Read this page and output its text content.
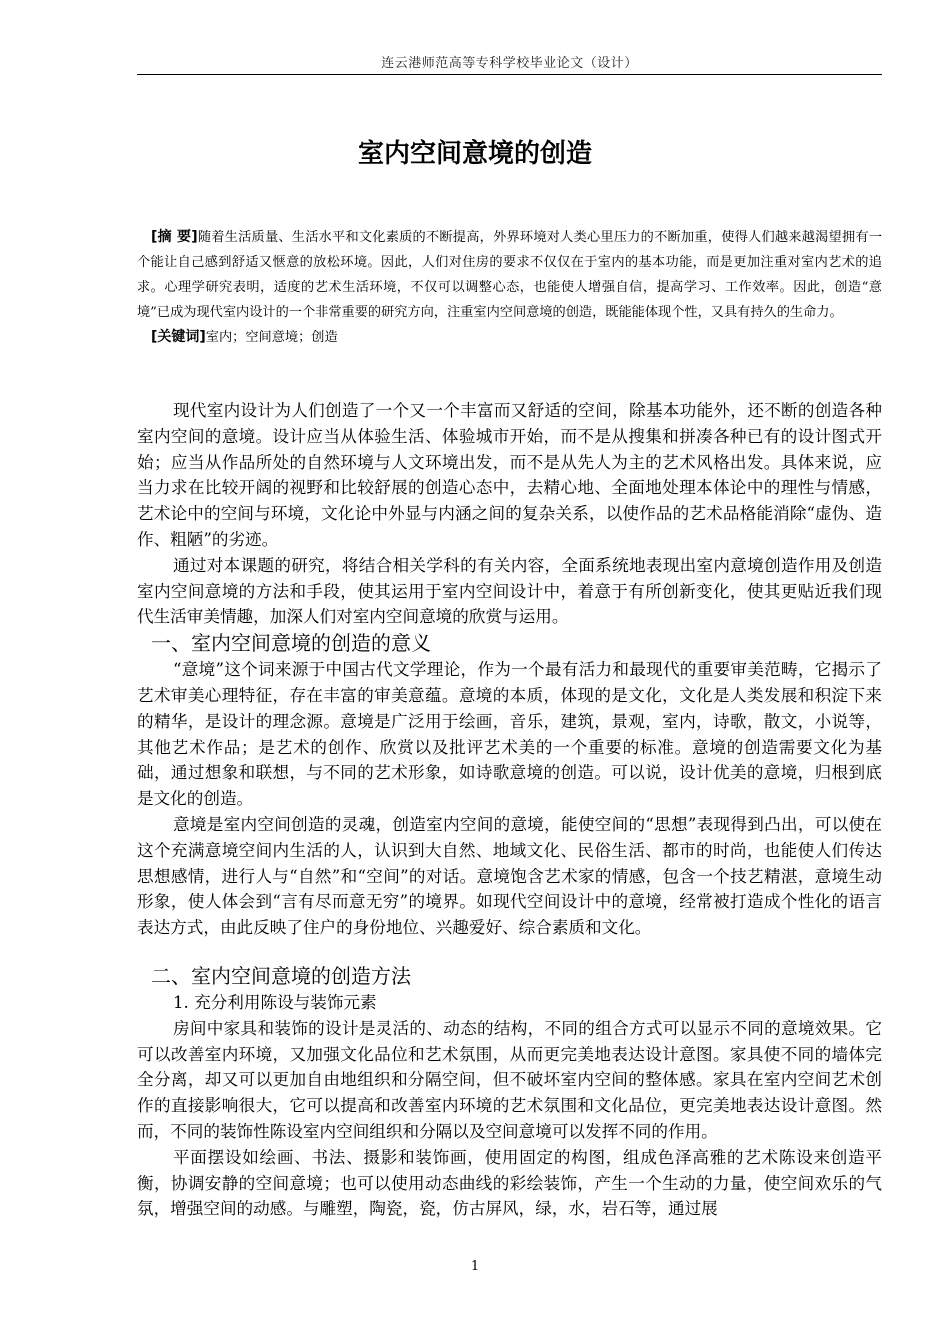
连云港师范高等专科学校毕业论文（设计）
室内空间意境的创造

[摘 要]随着生活质量、生活水平和文化素质的不断提高，外界环境对人类心里压力的不断加重，使得人们越来越渴望拥有一个能让自己感到舒适又惬意的放松环境。因此，人们对住房的要求不仅仅在于室内的基本功能，而是更加注重对室内艺术的追求。心理学研究表明，适度的艺术生活环境，不仅可以调整心态，也能使人增强自信，提高学习、工作效率。因此，创造“意境”已成为现代室内设计的一个非常重要的研究方向，注重室内空间意境的创造，既能能体现个性，又具有持久的生命力。

[关键词]室内；空间意境；创造

现代室内设计为人们创造了一个又一个丰富而又舒适的空间，除基本功能外，还不断的创造各种室内空间的意境。设计应当从体验生活、体验城市开始，而不是从搜集和拼凑各种已有的设计图式开始；应当从作品所处的自然环境与人文环境出发，而不是从先人为主的艺术风格出发。具体来说，应当力求在比较开阔的视野和比较舒展的创造心态中，去精心地、全面地处理本体论中的理性与情感，艺术论中的空间与环境，文化论中外显与内涵之间的复杂关系，以使作品的艺术品格能消除“虚伪、造作、粗陋”的劣迹。

通过对本课题的研究，将结合相关学科的有关内容，全面系统地表现出室内意境创造作用及创造室内空间意境的方法和手段，使其运用于室内空间设计中，着意于有所创新变化，使其更贴近我们现代生活审美情趣，加深人们对室内空间意境的欣赏与运用。

一、室内空间意境的创造的意义

“意境”这个词来源于中国古代文学理论，作为一个最有活力和最现代的重要审美范畴，它揭示了艺术审美心理特征，存在丰富的审美意蕴。意境的本质，体现的是文化，文化是人类发展和积淀下来的精华，是设计的理念源。意境是广泛用于绘画，音乐，建筑，景观，室内，诗歌，散文，小说等，其他艺术作品；是艺术的创作、欣赏以及批评艺术美的一个重要的标准。意境的创造需要文化为基础，通过想象和联想，与不同的艺术形象，如诗歌意境的创造。可以说，设计优美的意境，归根到底是文化的创造。

意境是室内空间创造的灵魂，创造室内空间的意境，能使空间的“思想”表现得到凸出，可以使在这个充满意境空间内生活的人，认识到大自然、地域文化、民俗生活、都市的时尚，也能使人们传达思想感情，进行人与“自然”和“空间”的对话。意境饱含艺术家的情感，包含一个技艺精湛，意境生动形象，使人体会到“言有尽而意无穷”的境界。如现代空间设计中的意境，经常被打造成个性化的语言表达方式，由此反映了住户的身份地位、兴趣爱好、综合素质和文化。

二、室内空间意境的创造方法
1. 充分利用陈设与装饰元素

房间中家具和装饰的设计是灵活的、动态的结构，不同的组合方式可以显示不同的意境效果。它可以改善室内环境，又加强文化品位和艺术氛围，从而更完美地表达设计意图。家具使不同的墙体完全分离，却又可以更加自由地组织和分隔空间，但不破坏室内空间的整体感。家具在室内空间艺术创作的直接影响很大，它可以提高和改善室内环境的艺术氛围和文化品位，更完美地表达设计意图。然而，不同的装饰性陈设室内空间组织和分隔以及空间意境可以发挥不同的作用。

平面摆设如绘画、书法、摄影和装饰画，使用固定的构图，组成色泽高雅的艺术陈设来创造平衡，协调安静的空间意境；也可以使用动态曲线的彩绘装饰，产生一个生动的力量，使空间欢乐的气氛，增强空间的动感。与雕塑，陶瓷，瓷，仿古屏风，绿，水，岩石等，通过展

1
